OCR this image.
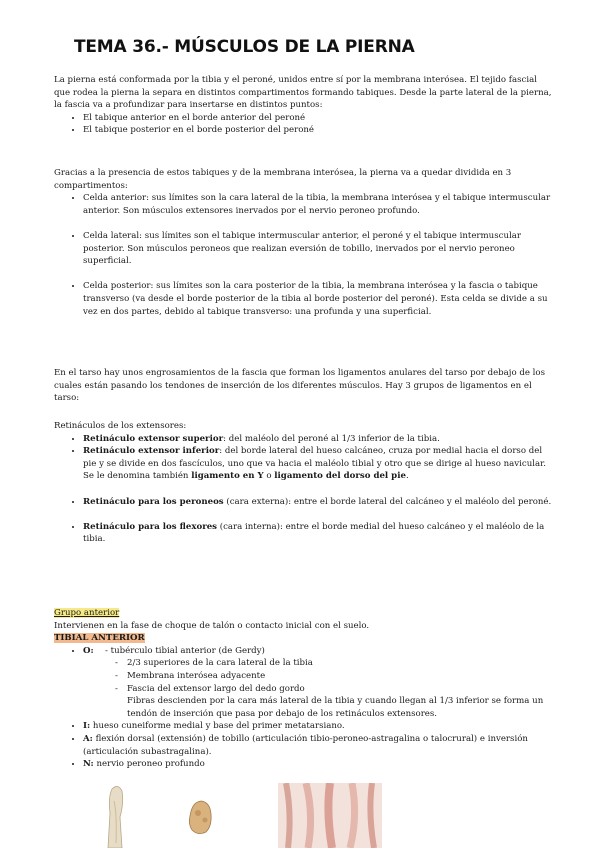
TEMA 36.- MÚSCULOS DE LA PIERNA

La pierna está conformada por la tibia y el peroné, unidos entre sí por la membrana interósea. El tejido fascial que rodea la pierna la separa en distintos compartimentos formando tabiques. Desde la parte lateral de la pierna, la fascia va a profundizar para insertarse en distintos puntos:

• El tabique anterior en el borde anterior del peroné
• El tabique posterior en el borde posterior del peroné

Gracias a la presencia de estos tabiques y de la membrana interósea, la pierna va a quedar dividida en 3 compartimentos:

• Celda anterior: sus límites son la cara lateral de la tibia, la membrana interósea y el tabique intermuscular anterior. Son músculos extensores inervados por el nervio peroneo profundo.
• Celda lateral: sus límites son el tabique intermuscular anterior, el peroné y el tabique intermuscular posterior. Son músculos peroneos que realizan eversión de tobillo, inervados por el nervio peroneo superficial.
• Celda posterior: sus límites son la cara posterior de la tibia, la membrana interósea y la fascia o tabique transverso (va desde el borde posterior de la tibia al borde posterior del peroné). Esta celda se divide a su vez en dos partes, debido al tabique transverso: una profunda y una superficial.

En el tarso hay unos engrosamientos de la fascia que forman los ligamentos anulares del tarso por debajo de los cuales están pasando los tendones de inserción de los diferentes músculos. Hay 3 grupos de ligamentos en el tarso:

Retináculos de los extensores:

• Retináculo extensor superior: del maléolo del peroné al 1/3 inferior de la tibia.
• Retináculo extensor inferior: del borde lateral del hueso calcáneo, cruza por medial hacia el dorso del pie y se divide en dos fascículos, uno que va hacia el maléolo tibial y otro que se dirige al hueso navicular. Se le denomina también ligamento en Y o ligamento del dorso del pie.
• Retináculo para los peroneos (cara externa): entre el borde lateral del calcáneo y el maléolo del peroné.
• Retináculo para los flexores (cara interna): entre el borde medial del hueso calcáneo y el maléolo de la tibia.

Grupo anterior

Intervienen en la fase de choque de talón o contacto inicial con el suelo.

TIBIAL ANTERIOR

• O:	- tubérculo tibial anterior (de Gerdy)
- 2/3 superiores de la cara lateral de la tibia
- Membrana interósea adyacente
- Fascia del extensor largo del dedo gordo

Fibras descienden por la cara más lateral de la tibia y cuando llegan al 1/3 inferior se forma un tendón de inserción que pasa por debajo de los retináculos extensores.

• I: hueso cuneiforme medial y base del primer metatarsiano.
• A: flexión dorsal (extensión) de tobillo (articulación tibio-peroneo-astragalina o talocrural) e inversión (articulación subastragalina).
• N: nervio peroneo profundo
